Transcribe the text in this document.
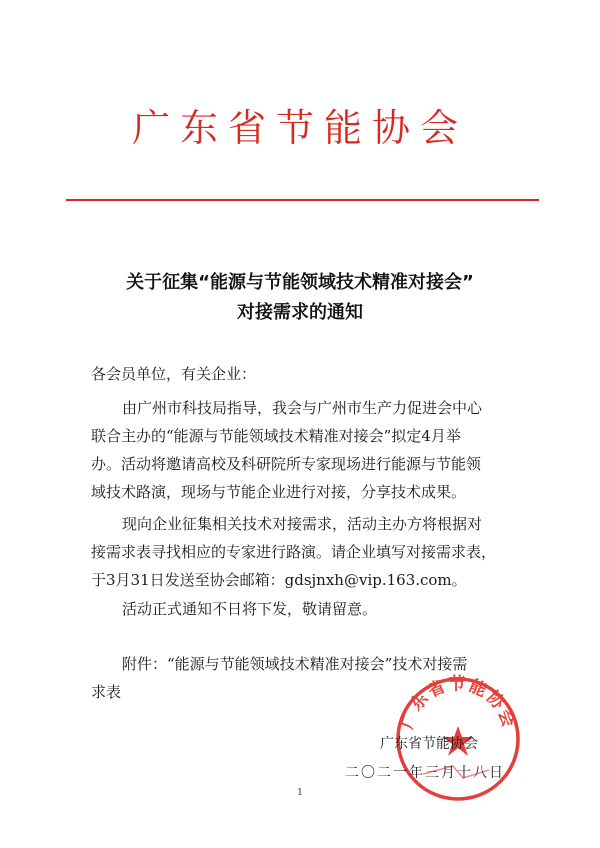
广东省节能协会
关于征集“能源与节能领域技术精准对接会”
对接需求的通知
各会员单位，有关企业：
由广州市科技局指导，我会与广州市生产力促进会中心
联合主办的“能源与节能领域技术精准对接会”拟定4月举
办。活动将邀请高校及科研院所专家现场进行能源与节能领
域技术路演，现场与节能企业进行对接，分享技术成果。
现向企业征集相关技术对接需求，活动主办方将根据对
接需求表寻找相应的专家进行路演。请企业填写对接需求表，
于3月31日发送至协会邮箱：gdsjnxh@vip.163.com。
活动正式通知不日将下发，敬请留意。
附件：“能源与节能领域技术精准对接会”技术对接需
求表
广东省节能协会
广东省节能协会
二〇二一年三月十八日
1
